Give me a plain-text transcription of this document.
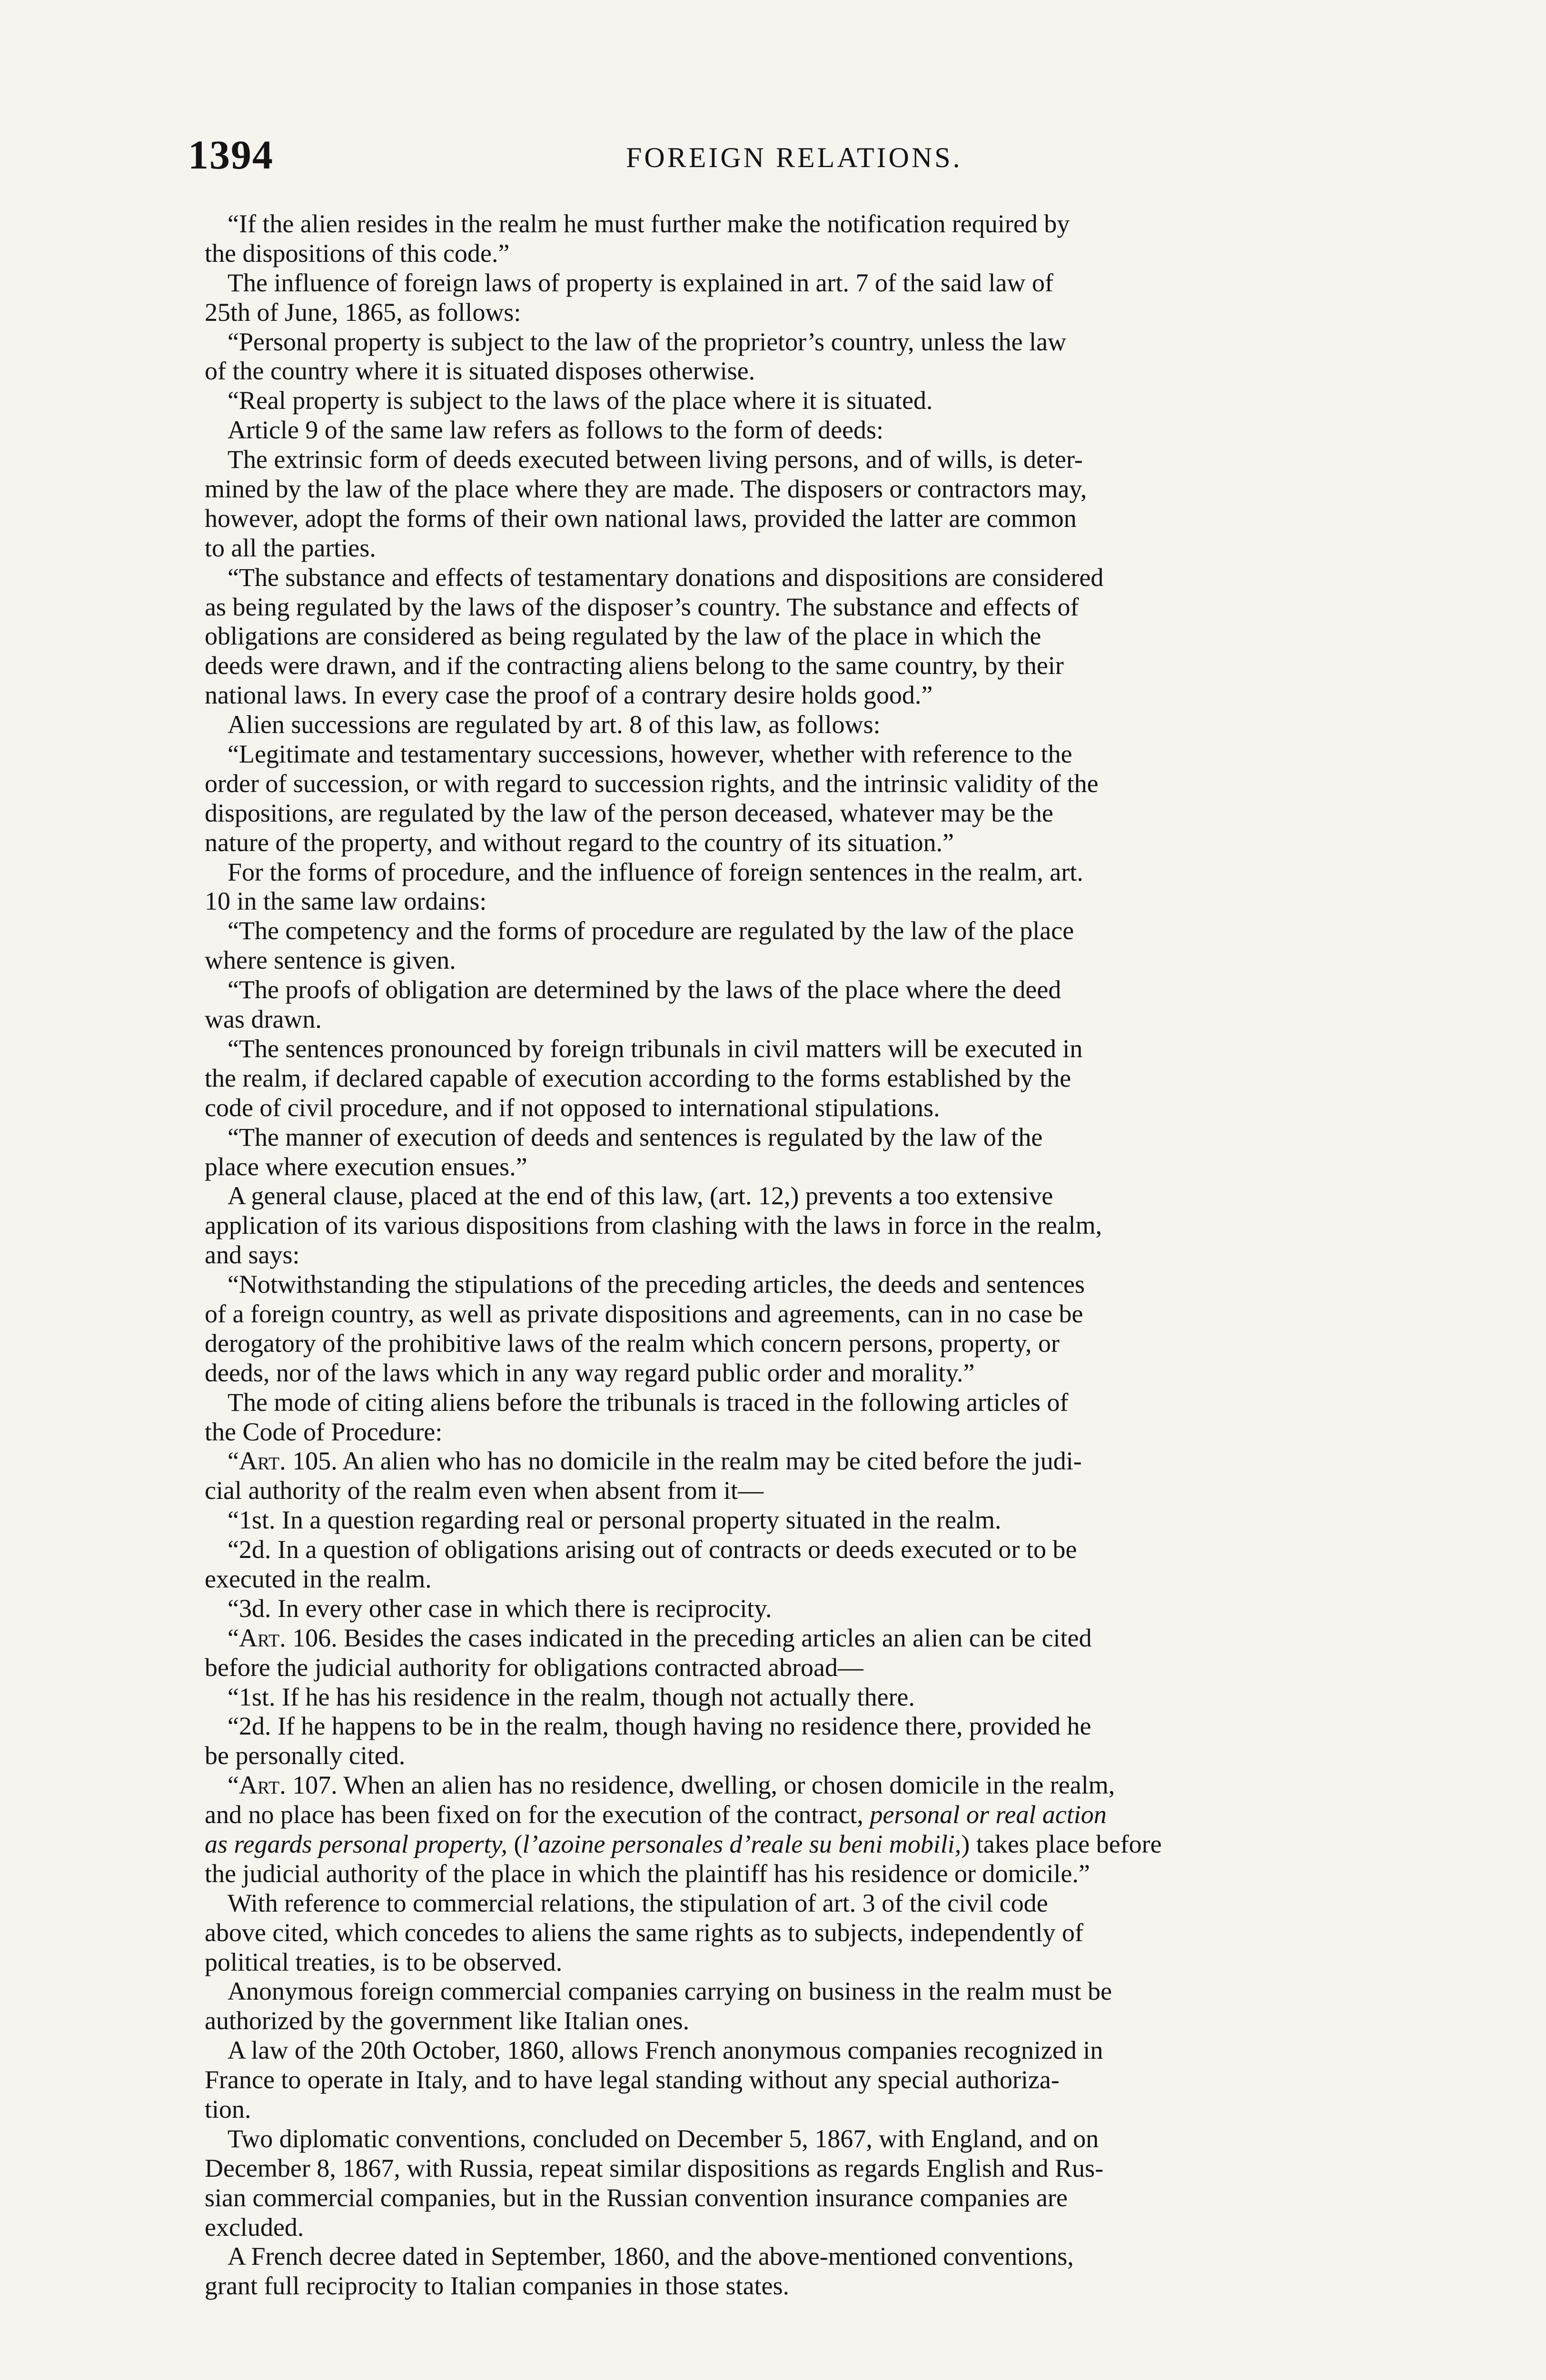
1394	FOREIGN RELATIONS.
“If the alien resides in the realm he must further make the notification required by
the dispositions of this code.”
The influence of foreign laws of property is explained in art. 7 of the said law of
25th of June, 1865, as follows:
“Personal property is subject to the law of the proprietor’s country, unless the law
of the country where it is situated disposes otherwise.
“Real property is subject to the laws of the place where it is situated.
Article 9 of the same law refers as follows to the form of deeds:
The extrinsic form of deeds executed between living persons, and of wills, is deter-
mined by the law of the place where they are made. The disposers or contractors may,
however, adopt the forms of their own national laws, provided the latter are common
to all the parties.
“The substance and effects of testamentary donations and dispositions are considered
as being regulated by the laws of the disposer’s country. The substance and effects of
obligations are considered as being regulated by the law of the place in which the
deeds were drawn, and if the contracting aliens belong to the same country, by their
national laws. In every case the proof of a contrary desire holds good.”
Alien successions are regulated by art. 8 of this law, as follows:
“Legitimate and testamentary successions, however, whether with reference to the
order of succession, or with regard to succession rights, and the intrinsic validity of the
dispositions, are regulated by the law of the person deceased, whatever may be the
nature of the property, and without regard to the country of its situation.”
For the forms of procedure, and the influence of foreign sentences in the realm, art.
10 in the same law ordains:
“The competency and the forms of procedure are regulated by the law of the place
where sentence is given.
“The proofs of obligation are determined by the laws of the place where the deed
was drawn.
“The sentences pronounced by foreign tribunals in civil matters will be executed in
the realm, if declared capable of execution according to the forms established by the
code of civil procedure, and if not opposed to international stipulations.
“The manner of execution of deeds and sentences is regulated by the law of the
place where execution ensues.”
A general clause, placed at the end of this law, (art. 12,) prevents a too extensive
application of its various dispositions from clashing with the laws in force in the realm,
and says:
“Notwithstanding the stipulations of the preceding articles, the deeds and sentences
of a foreign country, as well as private dispositions and agreements, can in no case be
derogatory of the prohibitive laws of the realm which concern persons, property, or
deeds, nor of the laws which in any way regard public order and morality.”
The mode of citing aliens before the tribunals is traced in the following articles of
the Code of Procedure:
“Art. 105. An alien who has no domicile in the realm may be cited before the judi-
cial authority of the realm even when absent from it—
“1st. In a question regarding real or personal property situated in the realm.
“2d. In a question of obligations arising out of contracts or deeds executed or to be
executed in the realm.
“3d. In every other case in which there is reciprocity.
“Art. 106. Besides the cases indicated in the preceding articles an alien can be cited
before the judicial authority for obligations contracted abroad—
“1st. If he has his residence in the realm, though not actually there.
“2d. If he happens to be in the realm, though having no residence there, provided he
be personally cited.
“Art. 107. When an alien has no residence, dwelling, or chosen domicile in the realm,
and no place has been fixed on for the execution of the contract, personal or real action
as regards personal property, (l’azoine personales d’reale su beni mobili,) takes place before
the judicial authority of the place in which the plaintiff has his residence or domicile.”
With reference to commercial relations, the stipulation of art. 3 of the civil code
above cited, which concedes to aliens the same rights as to subjects, independently of
political treaties, is to be observed.
Anonymous foreign commercial companies carrying on business in the realm must be
authorized by the government like Italian ones.
A law of the 20th October, 1860, allows French anonymous companies recognized in
France to operate in Italy, and to have legal standing without any special authoriza-
tion.
Two diplomatic conventions, concluded on December 5, 1867, with England, and on
December 8, 1867, with Russia, repeat similar dispositions as regards English and Rus-
sian commercial companies, but in the Russian convention insurance companies are
excluded.
A French decree dated in September, 1860, and the above-mentioned conventions,
grant full reciprocity to Italian companies in those states.
